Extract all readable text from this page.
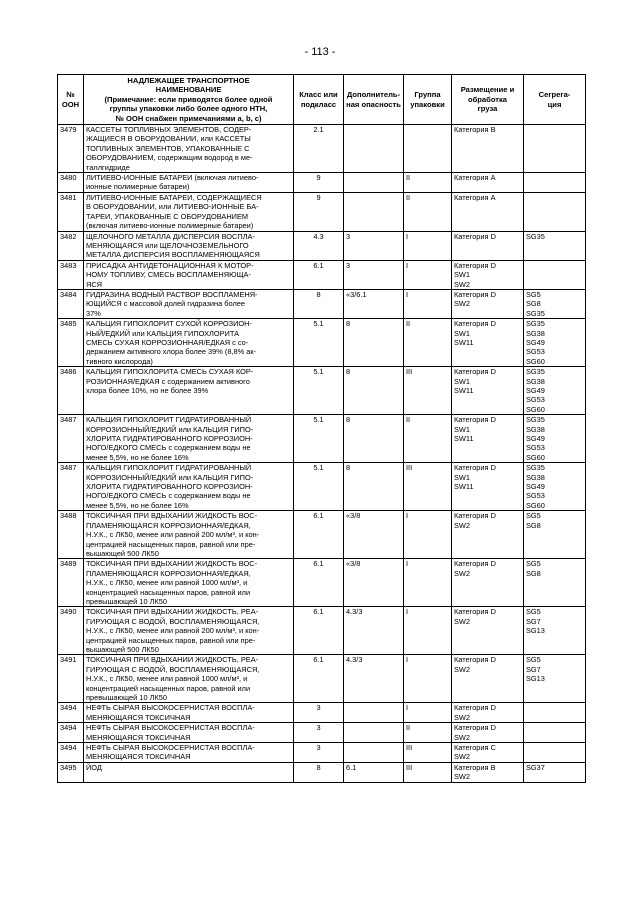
- 113 -
№
ООН	НАДЛЕЖАЩЕЕ ТРАНСПОРТНОЕ
НАИМЕНОВАНИЕ
(Примечание: если приводятся более одной
группы упаковки либо более одного НТН,
№ ООН снабжен примечаниями a, b, c)	Класс или
подкласс	Дополнитель-
ная опасность	Группа
упаковки	Размещение и
обработка
груза	Сегрега-
ция

3479	КАССЕТЫ ТОПЛИВНЫХ ЭЛЕМЕНТОВ, СОДЕР-
ЖАЩИЕСЯ В ОБОРУДОВАНИИ, или КАССЕТЫ
ТОПЛИВНЫХ ЭЛЕМЕНТОВ, УПАКОВАННЫЕ С
ОБОРУДОВАНИЕМ, содержащим водород в ме-
таллгидриде	2.1			Категория B	

3480	ЛИТИЕВО-ИОННЫЕ БАТАРЕИ (включая литиево-
ионные полимерные батареи)	9		II	Категория A	

3481	ЛИТИЕВО-ИОННЫЕ БАТАРЕИ, СОДЕРЖАЩИЕСЯ
В ОБОРУДОВАНИИ, или ЛИТИЕВО-ИОННЫЕ БА-
ТАРЕИ, УПАКОВАННЫЕ С ОБОРУДОВАНИЕМ
(включая литиево-ионные полимерные батареи)	9		II	Категория A	

3482	ЩЕЛОЧНОГО МЕТАЛЛА ДИСПЕРСИЯ ВОСПЛА-
МЕНЯЮЩАЯСЯ или ЩЕЛОЧНОЗЕМЕЛЬНОГО
МЕТАЛЛА ДИСПЕРСИЯ ВОСПЛАМЕНЯЮЩАЯСЯ	4.3	3	I	Категория D	SG35

3483	ПРИСАДКА АНТИДЕТОНАЦИОННАЯ К МОТОР-
НОМУ ТОПЛИВУ, СМЕСЬ ВОСПЛАМЕНЯЮЩА-
ЯСЯ	6.1	3	I	Категория D
SW1
SW2	

3484	ГИДРАЗИНА ВОДНЫЙ РАСТВОР ВОСПЛАМЕНЯ-
ЮЩИЙСЯ с массовой долей гидразина более
37%	8	«3/6.1	I	Категория D
SW2	SG5
SG8
SG35

3485	КАЛЬЦИЯ ГИПОХЛОРИТ СУХОЙ КОРРОЗИОН-
НЫЙ/ЕДКИЙ или КАЛЬЦИЯ ГИПОХЛОРИТА
СМЕСЬ СУХАЯ КОРРОЗИОННАЯ/ЕДКАЯ с со-
держанием активного хлора более 39% (8,8% ак-
тивного кислорода)	5.1	8	II	Категория D
SW1
SW11	SG35
SG38
SG49
SG53
SG60

3486	КАЛЬЦИЯ ГИПОХЛОРИТА СМЕСЬ СУХАЯ КОР-
РОЗИОННАЯ/ЕДКАЯ с содержанием активного
хлора более 10%, но не более 39%	5.1	8	III	Категория D
SW1
SW11	SG35
SG38
SG49
SG53
SG60

3487	КАЛЬЦИЯ ГИПОХЛОРИТ ГИДРАТИРОВАННЫЙ
КОРРОЗИОННЫЙ/ЕДКИЙ или КАЛЬЦИЯ ГИПО-
ХЛОРИТА ГИДРАТИРОВАННОГО КОРРОЗИОН-
НОГО/ЕДКОГО СМЕСЬ с содержанием воды не
менее 5,5%, но не более 16%	5.1	8	II	Категория D
SW1
SW11	SG35
SG38
SG49
SG53
SG60

3487	КАЛЬЦИЯ ГИПОХЛОРИТ ГИДРАТИРОВАННЫЙ
КОРРОЗИОННЫЙ/ЕДКИЙ или КАЛЬЦИЯ ГИПО-
ХЛОРИТА ГИДРАТИРОВАННОГО КОРРОЗИОН-
НОГО/ЕДКОГО СМЕСЬ с содержанием воды не
менее 5,5%, но не более 16%	5.1	8	III	Категория D
SW1
SW11	SG35
SG38
SG49
SG53
SG60

3488	ТОКСИЧНАЯ ПРИ ВДЫХАНИИ ЖИДКОСТЬ ВОС-
ПЛАМЕНЯЮЩАЯСЯ КОРРОЗИОННАЯ/ЕДКАЯ,
Н.У.К., с ЛК50, менее или равной 200 мл/м³, и кон-
центрацией насыщенных паров, равной или пре-
вышающей 500 ЛК50	6.1	«3/8	I	Категория D
SW2	SG5
SG8

3489	ТОКСИЧНАЯ ПРИ ВДЫХАНИИ ЖИДКОСТЬ ВОС-
ПЛАМЕНЯЮЩАЯСЯ КОРРОЗИОННАЯ/ЕДКАЯ,
Н.У.К., с ЛК50, менее или равной 1000 мл/м³, и
концентрацией насыщенных паров, равной или
превышающей 10 ЛК50	6.1	«3/8	I	Категория D
SW2	SG5
SG8

3490	ТОКСИЧНАЯ ПРИ ВДЫХАНИИ ЖИДКОСТЬ, РЕА-
ГИРУЮЩАЯ С ВОДОЙ, ВОСПЛАМЕНЯЮЩАЯСЯ,
Н.У.К., с ЛК50, менее или равной 200 мл/м³, и кон-
центрацией насыщенных паров, равной или пре-
вышающей 500 ЛК50	6.1	4.3/3	I	Категория D
SW2	SG5
SG7
SG13

3491	ТОКСИЧНАЯ ПРИ ВДЫХАНИИ ЖИДКОСТЬ, РЕА-
ГИРУЮЩАЯ С ВОДОЙ, ВОСПЛАМЕНЯЮЩАЯСЯ,
Н.У.К., с ЛК50, менее или равной 1000 мл/м³, и
концентрацией насыщенных паров, равной или
превышающей 10 ЛК50	6.1	4.3/3	I	Категория D
SW2	SG5
SG7
SG13

3494	НЕФТЬ СЫРАЯ ВЫСОКОСЕРНИСТАЯ ВОСПЛА-
МЕНЯЮЩАЯСЯ ТОКСИЧНАЯ	3		I	Категория D
SW2	

3494	НЕФТЬ СЫРАЯ ВЫСОКОСЕРНИСТАЯ ВОСПЛА-
МЕНЯЮЩАЯСЯ ТОКСИЧНАЯ	3		II	Категория D
SW2	

3494	НЕФТЬ СЫРАЯ ВЫСОКОСЕРНИСТАЯ ВОСПЛА-
МЕНЯЮЩАЯСЯ ТОКСИЧНАЯ	3		III	Категория C
SW2	

3495	ЙОД	8	6.1	III	Категория B
SW2	SG37
